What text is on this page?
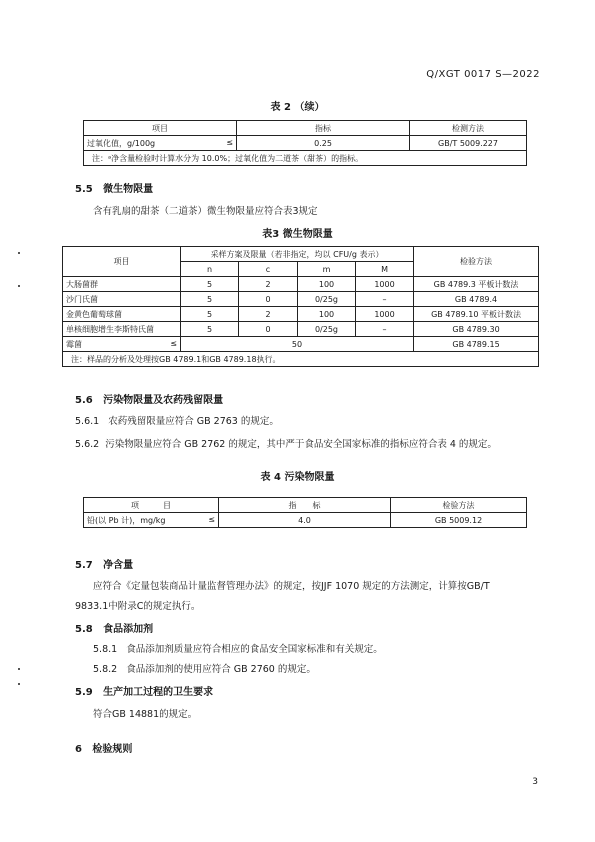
Q/XGT 0017 S—2022
表 2 （续）
项目	指标	检测方法
过氧化值，g/100g ≤	0.25	GB/T 5009.227
注：ᵃ净含量检验时计算水分为 10.0%；过氧化值为二道茶（甜茶）的指标。		
5.5 微生物限量
含有乳扇的甜茶（二道茶）微生物限量应符合表3规定
表3 微生物限量
项目	采样方案及限量（若非指定，均以 CFU/g 表示）				检验方法
	n	c	m	M	
大肠菌群	5	2	100	1000	GB 4789.3 平板计数法
沙门氏菌	5	0	0/25g	–	GB 4789.4
金黄色葡萄球菌	5	2	100	1000	GB 4789.10 平板计数法
单核细胞增生李斯特氏菌	5	0	0/25g	–	GB 4789.30
霉菌 ≤	50				GB 4789.15
注：样品的分析及处理按GB 4789.1和GB 4789.18执行。					
5.6 污染物限量及农药残留限量
5.6.1 农药残留限量应符合 GB 2763 的规定。
5.6.2 污染物限量应符合 GB 2762 的规定，其中严于食品安全国家标准的指标应符合表 4 的规定。
表 4 污染物限量
项　　　目	指　　标	检验方法
铅(以 Pb 计)，mg/kg ≤	4.0	GB 5009.12
5.7 净含量
应符合《定量包装商品计量监督管理办法》的规定，按JJF 1070 规定的方法测定，计算按GB/T
9833.1中附录C的规定执行。
5.8 食品添加剂
5.8.1 食品添加剂质量应符合相应的食品安全国家标准和有关规定。
5.8.2 食品添加剂的使用应符合 GB 2760 的规定。
5.9 生产加工过程的卫生要求
符合GB 14881的规定。
6 检验规则
3
